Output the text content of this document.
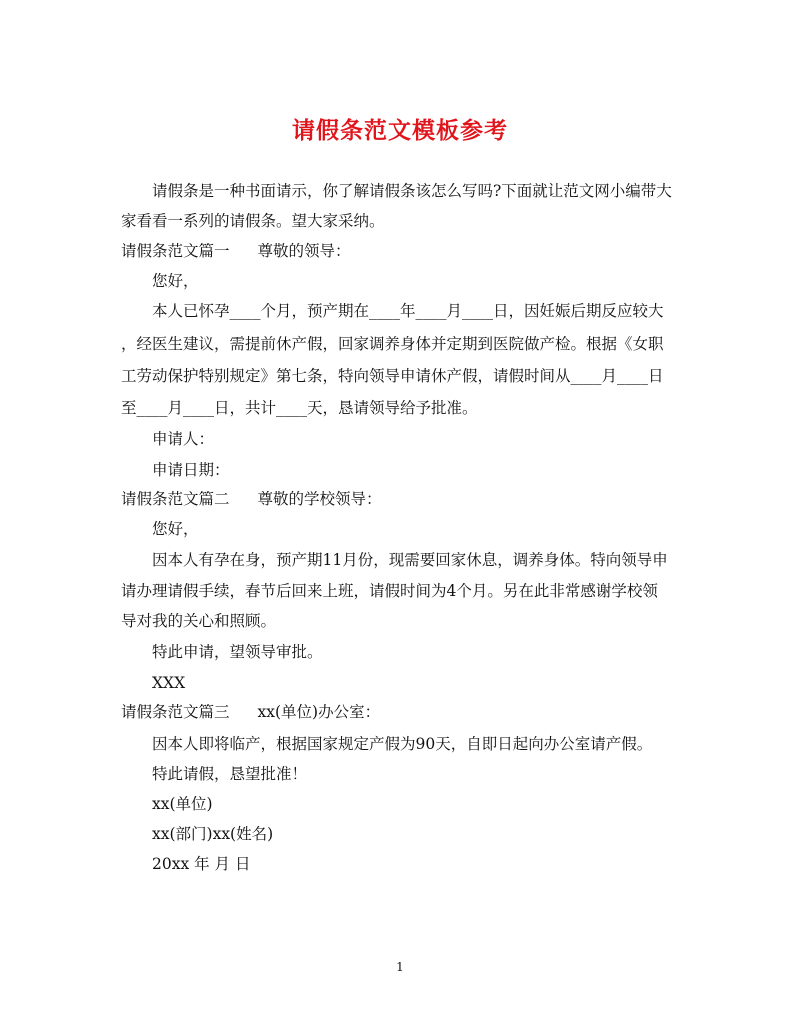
请假条范文模板参考
请假条是一种书面请示，你了解请假条该怎么写吗?下面就让范文网小编带大
家看看一系列的请假条。望大家采纳。
请假条范文篇一 尊敬的领导：
您好，
本人已怀孕____个月，预产期在____年____月____日，因妊娠后期反应较大
，经医生建议，需提前休产假，回家调养身体并定期到医院做产检。根据《女职
工劳动保护特别规定》第七条，特向领导申请休产假，请假时间从____月____日
至____月____日，共计____天，恳请领导给予批准。
申请人：
申请日期：
请假条范文篇二 尊敬的学校领导：
您好，
因本人有孕在身，预产期11月份，现需要回家休息，调养身体。特向领导申
请办理请假手续，春节后回来上班，请假时间为4个月。另在此非常感谢学校领
导对我的关心和照顾。
特此申请，望领导审批。
XXX
请假条范文篇三 xx(单位)办公室：
因本人即将临产，根据国家规定产假为90天，自即日起向办公室请产假。
特此请假，恳望批准！
xx(单位)
xx(部门)xx(姓名)
20xx 年 月 日
1
